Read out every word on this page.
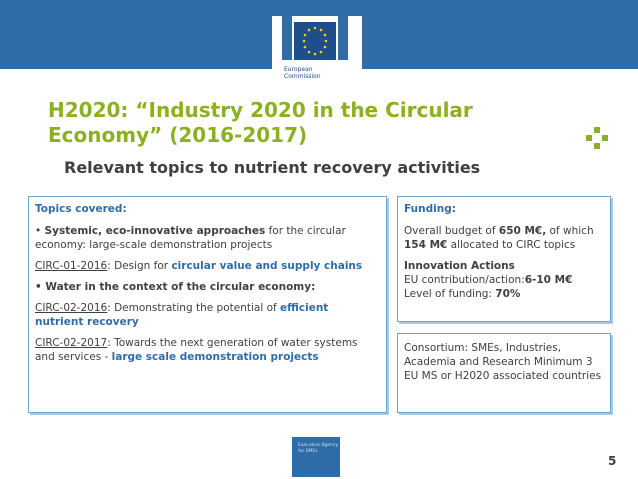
European
Commission
H2020: “Industry 2020 in the Circular
Economy” (2016-2017)
Relevant topics to nutrient recovery activities
Topics covered:

• Systemic, eco-innovative approaches for the circular economy: large-scale demonstration projects

CIRC-01-2016: Design for circular value and supply chains

• Water in the context of the circular economy:

CIRC-02-2016: Demonstrating the potential of efficient nutrient recovery

CIRC-02-2017: Towards the next generation of water systems and services - large scale demonstration projects

Funding:

Overall budget of 650 M€, of which 154 M€ allocated to CIRC topics

Innovation Actions
EU contribution/action:6-10 M€
Level of funding: 70%
Consortium: SMEs, Industries, Academia and Research Minimum 3 EU MS or H2020 associated countries
Executive Agency for SMEs
5
